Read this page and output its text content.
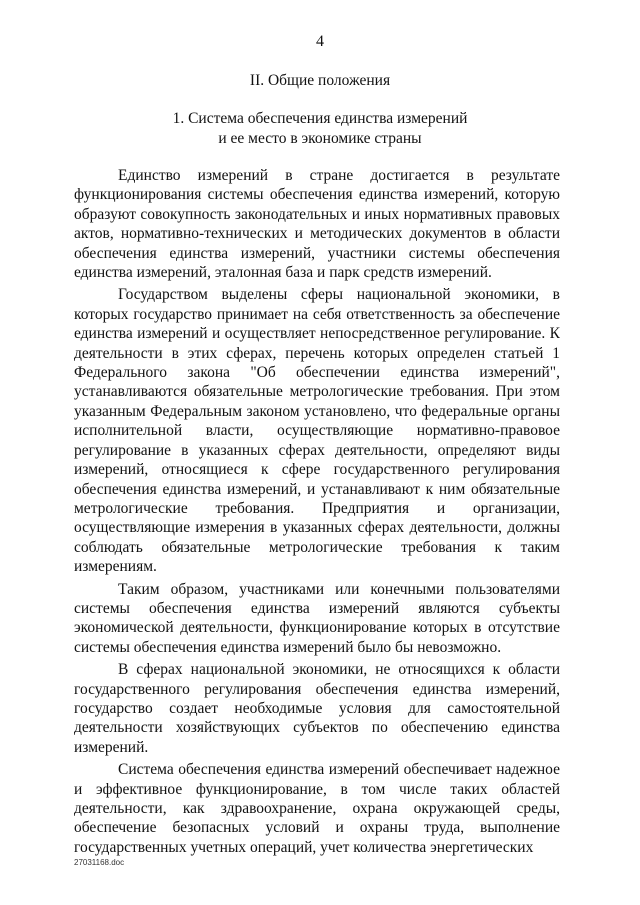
4
II. Общие положения
1. Система обеспечения единства измерений
и ее место в экономике страны

Единство измерений в стране достигается в результате функционирования системы обеспечения единства измерений, которую образуют совокупность законодательных и иных нормативных правовых актов, нормативно-технических и методических документов в области обеспечения единства измерений, участники системы обеспечения единства измерений, эталонная база и парк средств измерений.

Государством выделены сферы национальной экономики, в которых государство принимает на себя ответственность за обеспечение единства измерений и осуществляет непосредственное регулирование. К деятельности в этих сферах, перечень которых определен статьей 1 Федерального закона "Об обеспечении единства измерений", устанавливаются обязательные метрологические требования. При этом указанным Федеральным законом установлено, что федеральные органы исполнительной власти, осуществляющие нормативно-правовое регулирование в указанных сферах деятельности, определяют виды измерений, относящиеся к сфере государственного регулирования обеспечения единства измерений, и устанавливают к ним обязательные метрологические требования. Предприятия и организации, осуществляющие измерения в указанных сферах деятельности, должны соблюдать обязательные метрологические требования к таким измерениям.

Таким образом, участниками или конечными пользователями системы обеспечения единства измерений являются субъекты экономической деятельности, функционирование которых в отсутствие системы обеспечения единства измерений было бы невозможно.

В сферах национальной экономики, не относящихся к области государственного регулирования обеспечения единства измерений, государство создает необходимые условия для самостоятельной деятельности хозяйствующих субъектов по обеспечению единства измерений.

Система обеспечения единства измерений обеспечивает надежное и эффективное функционирование, в том числе таких областей деятельности, как здравоохранение, охрана окружающей среды, обеспечение безопасных условий и охраны труда, выполнение государственных учетных операций, учет количества энергетических

27031168.doc
